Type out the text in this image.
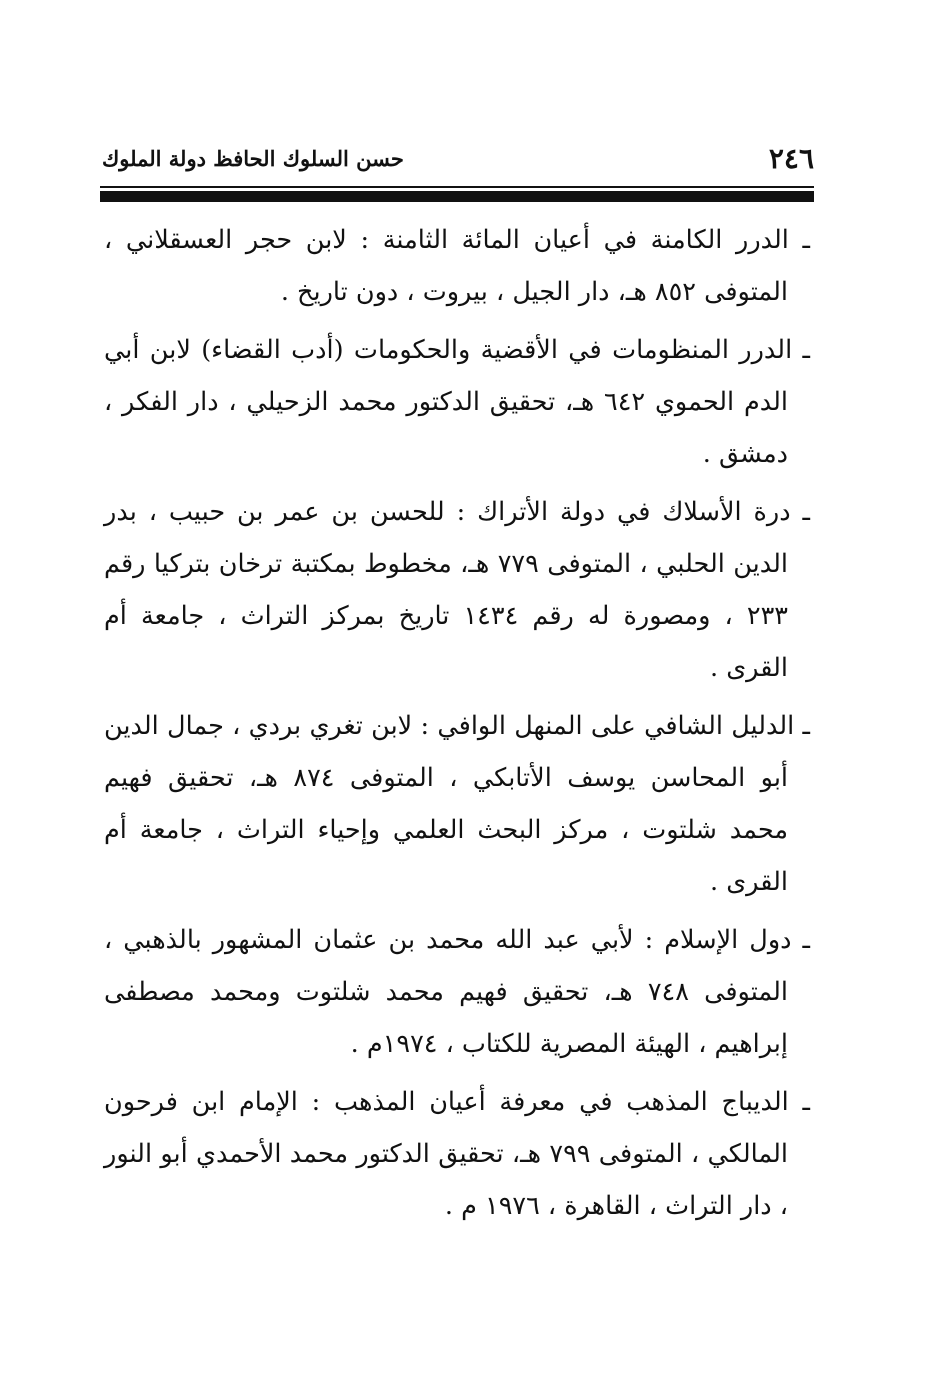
٢٤٦
حسن السلوك الحافظ دولة الملوك

ـ الدرر الكامنة في أعيان المائة الثامنة : لابن حجر العسقلاني ، المتوفى ٨٥٢ هـ، دار الجيل ، بيروت ، دون تاريخ .

ـ الدرر المنظومات في الأقضية والحكومات (أدب القضاء) لابن أبي الدم الحموي ٦٤٢ هـ، تحقيق الدكتور محمد الزحيلي ، دار الفكر ، دمشق .

ـ درة الأسلاك في دولة الأتراك : للحسن بن عمر بن حبيب ، بدر الدين الحلبي ، المتوفى ٧٧٩ هـ، مخطوط بمكتبة ترخان بتركيا رقم ٢٣٣ ، ومصورة له رقم ١٤٣٤ تاريخ بمركز التراث ، جامعة أم القرى .

ـ الدليل الشافي على المنهل الوافي : لابن تغري بردي ، جمال الدين أبو المحاسن يوسف الأتابكي ، المتوفى ٨٧٤ هـ، تحقيق فهيم محمد شلتوت ، مركز البحث العلمي وإحياء التراث ، جامعة أم القرى .

ـ دول الإسلام : لأبي عبد الله محمد بن عثمان المشهور بالذهبي ، المتوفى ٧٤٨ هـ، تحقيق فهيم محمد شلتوت ومحمد مصطفى إبراهيم ، الهيئة المصرية للكتاب ، ١٩٧٤م .

ـ الديباج المذهب في معرفة أعيان المذهب : الإمام ابن فرحون المالكي ، المتوفى ٧٩٩ هـ، تحقيق الدكتور محمد الأحمدي أبو النور ، دار التراث ، القاهرة ، ١٩٧٦ م .
